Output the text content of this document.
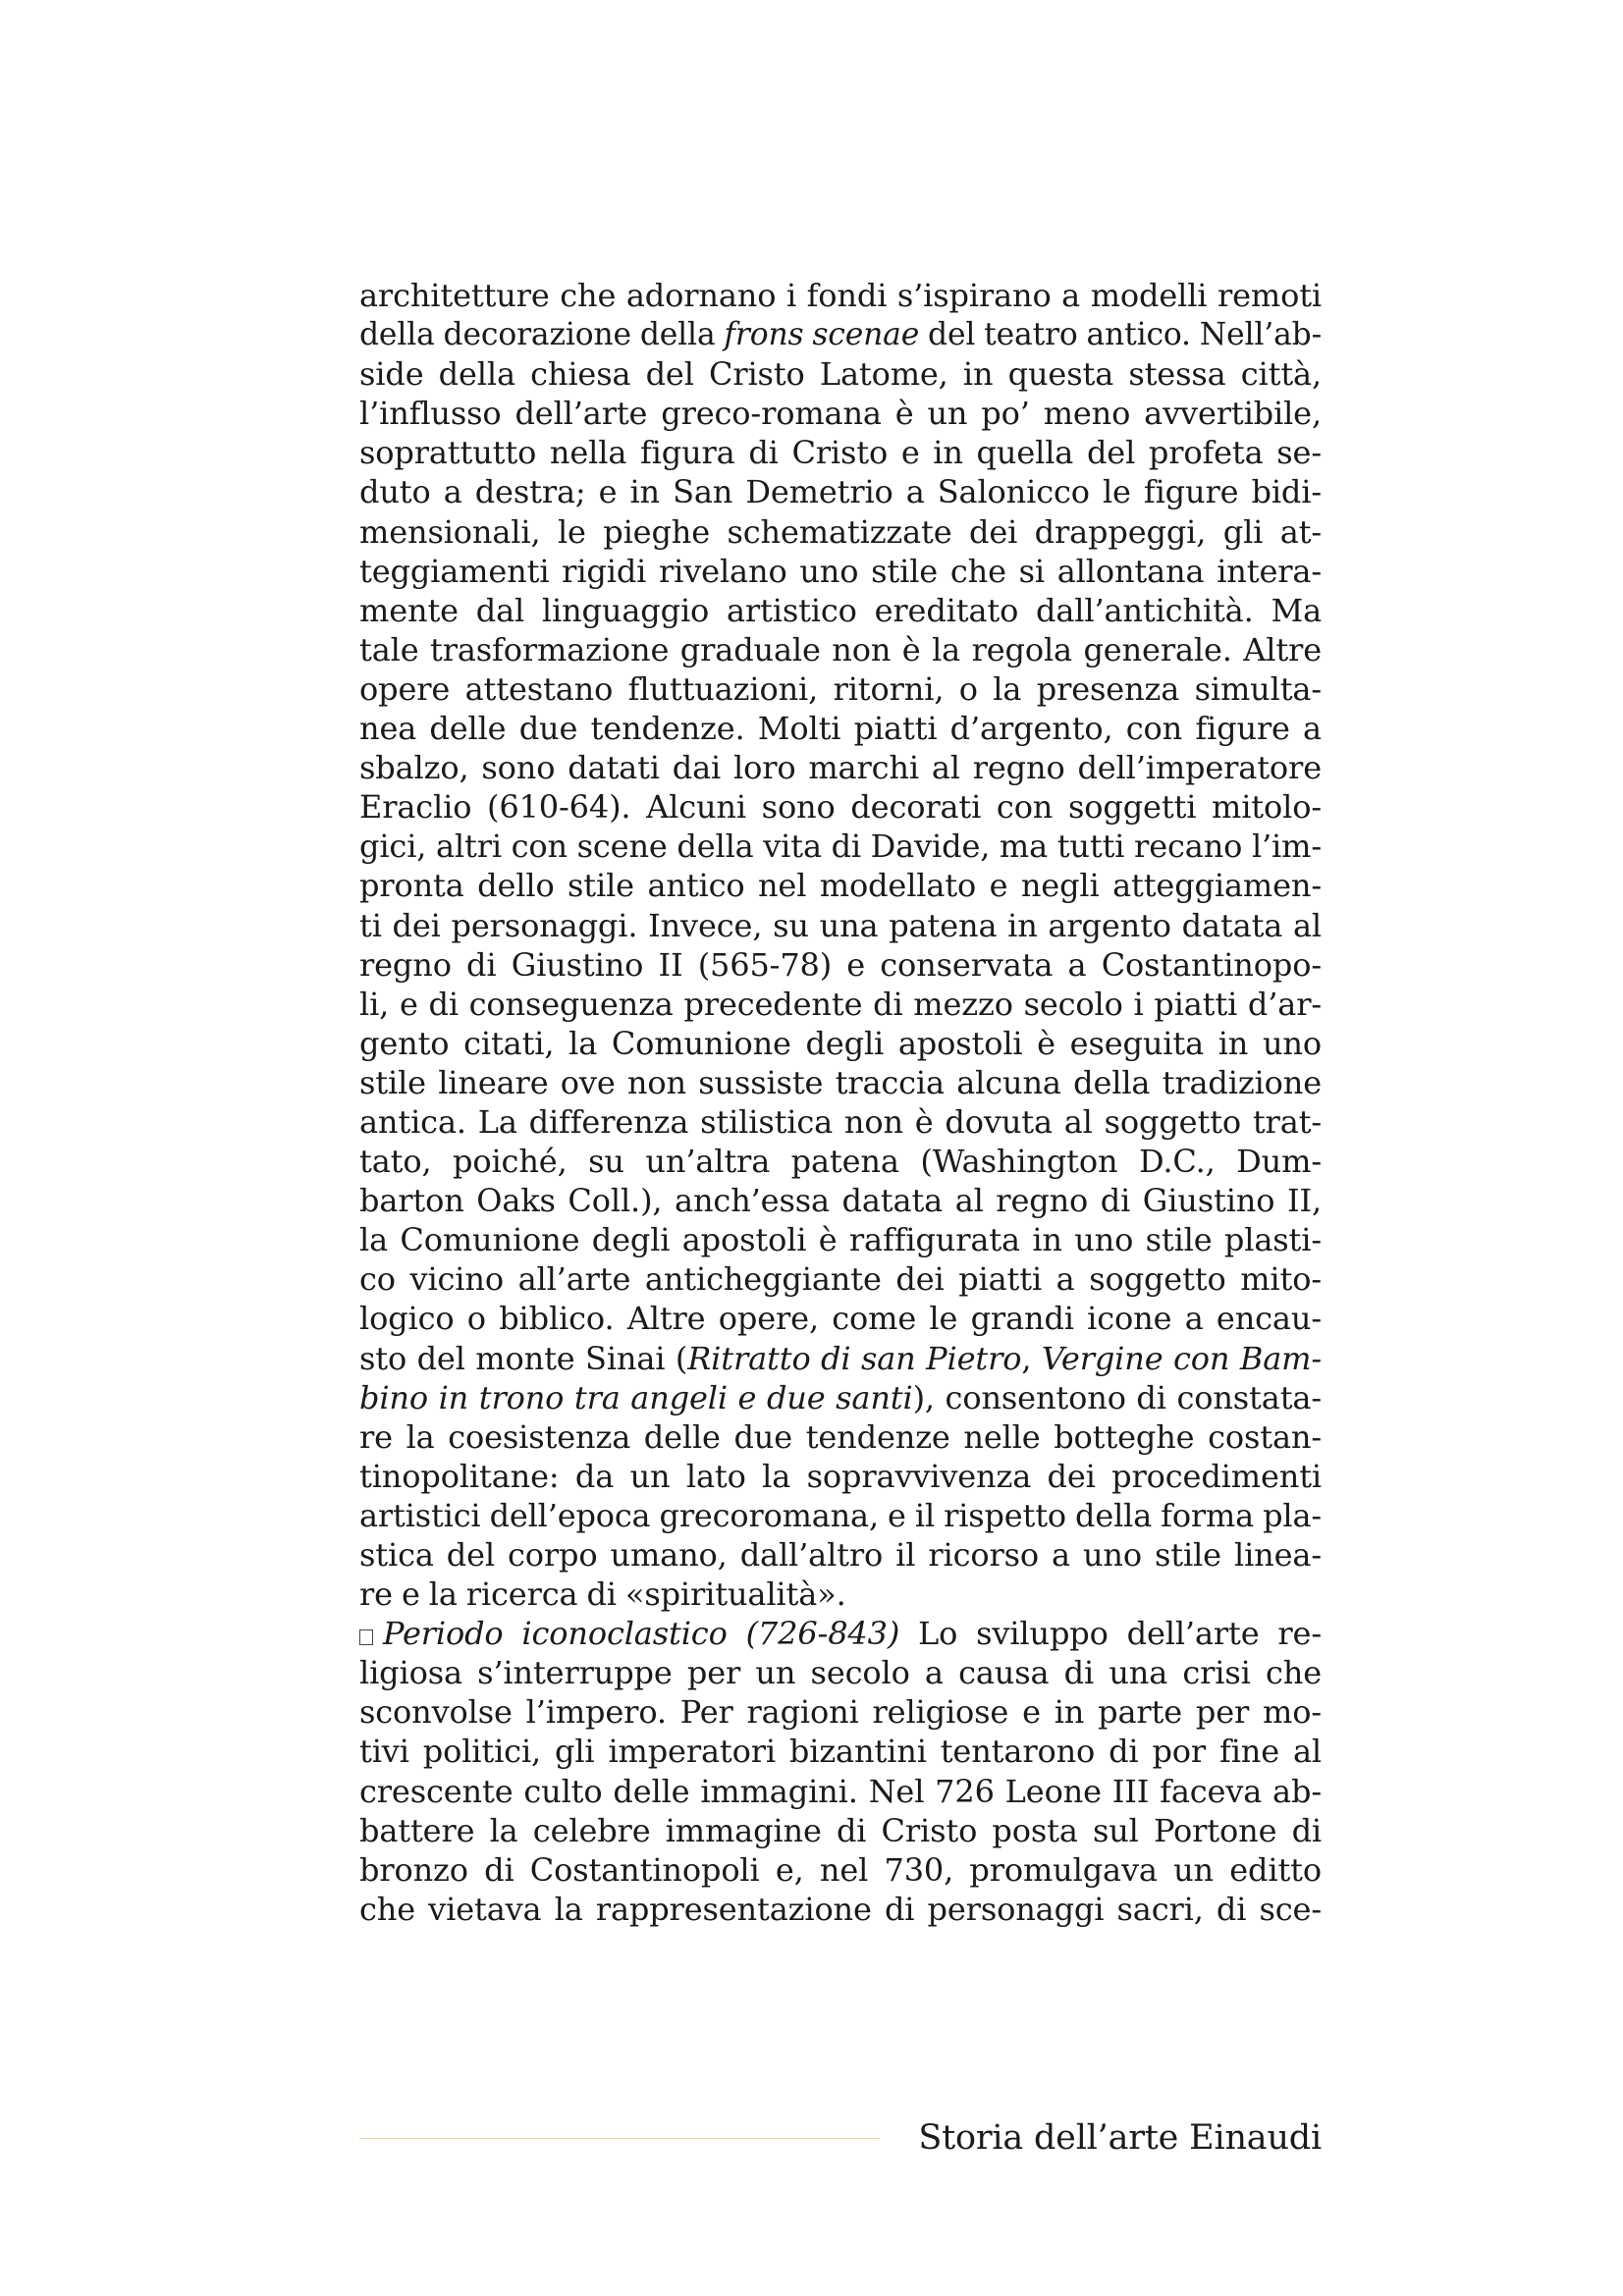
architetture che adornano i fondi s’ispirano a modelli remoti
della decorazione della frons scenae del teatro antico. Nell’ab-
side della chiesa del Cristo Latome, in questa stessa città,
l’influsso dell’arte greco-romana è un po’ meno avvertibile,
soprattutto nella figura di Cristo e in quella del profeta se-
duto a destra; e in San Demetrio a Salonicco le figure bidi-
mensionali, le pieghe schematizzate dei drappeggi, gli at-
teggiamenti rigidi rivelano uno stile che si allontana intera-
mente dal linguaggio artistico ereditato dall’antichità. Ma
tale trasformazione graduale non è la regola generale. Altre
opere attestano fluttuazioni, ritorni, o la presenza simulta-
nea delle due tendenze. Molti piatti d’argento, con figure a
sbalzo, sono datati dai loro marchi al regno dell’imperatore
Eraclio (610-64). Alcuni sono decorati con soggetti mitolo-
gici, altri con scene della vita di Davide, ma tutti recano l’im-
pronta dello stile antico nel modellato e negli atteggiamen-
ti dei personaggi. Invece, su una patena in argento datata al
regno di Giustino II (565-78) e conservata a Costantinopo-
li, e di conseguenza precedente di mezzo secolo i piatti d’ar-
gento citati, la Comunione degli apostoli è eseguita in uno
stile lineare ove non sussiste traccia alcuna della tradizione
antica. La differenza stilistica non è dovuta al soggetto trat-
tato, poiché, su un’altra patena (Washington D.C., Dum-
barton Oaks Coll.), anch’essa datata al regno di Giustino II,
la Comunione degli apostoli è raffigurata in uno stile plasti-
co vicino all’arte anticheggiante dei piatti a soggetto mito-
logico o biblico. Altre opere, come le grandi icone a encau-
sto del monte Sinai (Ritratto di san Pietro, Vergine con Bam-
bino in trono tra angeli e due santi), consentono di constata-
re la coesistenza delle due tendenze nelle botteghe costan-
tinopolitane: da un lato la sopravvivenza dei procedimenti
artistici dell’epoca grecoromana, e il rispetto della forma pla-
stica del corpo umano, dall’altro il ricorso a uno stile linea-
re e la ricerca di «spiritualità».
Periodo iconoclastico (726-843) Lo sviluppo dell’arte re-
ligiosa s’interruppe per un secolo a causa di una crisi che
sconvolse l’impero. Per ragioni religiose e in parte per mo-
tivi politici, gli imperatori bizantini tentarono di por fine al
crescente culto delle immagini. Nel 726 Leone III faceva ab-
battere la celebre immagine di Cristo posta sul Portone di
bronzo di Costantinopoli e, nel 730, promulgava un editto
che vietava la rappresentazione di personaggi sacri, di sce-
Storia dell’arte Einaudi
